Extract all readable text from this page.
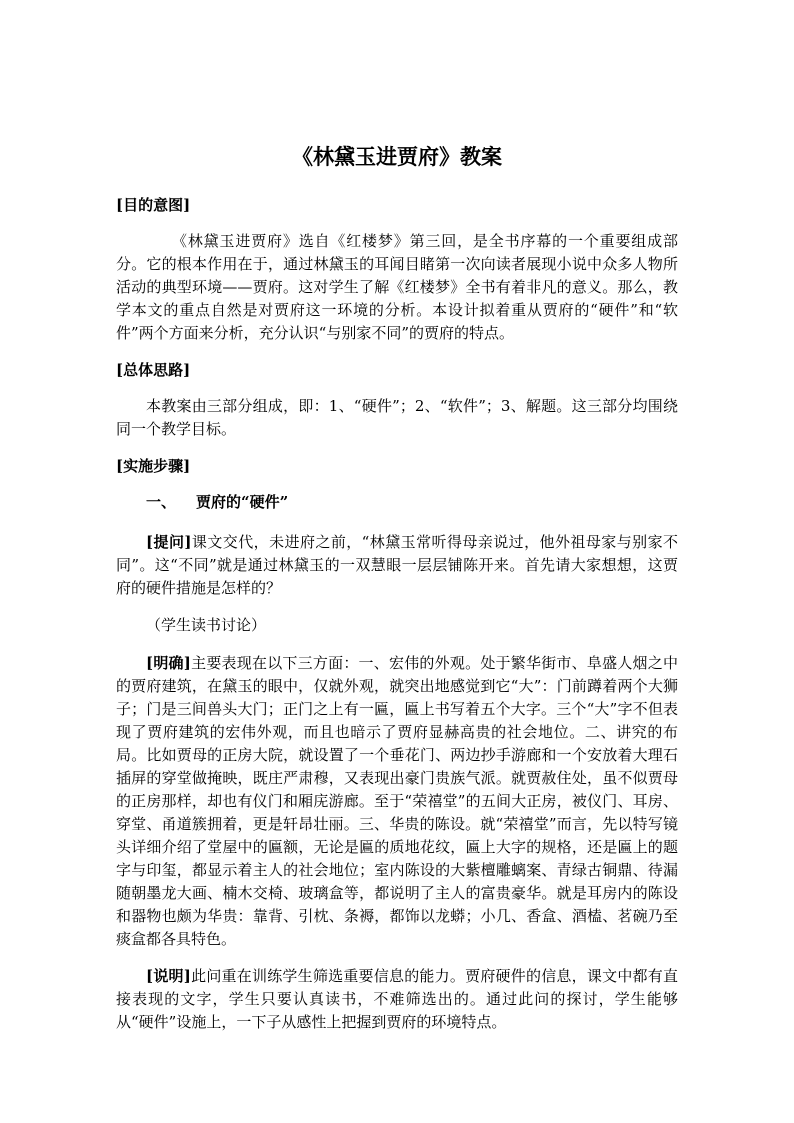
《林黛玉进贾府》教案
[目的意图]

《林黛玉进贾府》选自《红楼梦》第三回，是全书序幕的一个重要组成部分。它的根本作用在于，通过林黛玉的耳闻目睹第一次向读者展现小说中众多人物所活动的典型环境——贾府。这对学生了解《红楼梦》全书有着非凡的意义。那么，教学本文的重点自然是对贾府这一环境的分析。本设计拟着重从贾府的“硬件”和“软件”两个方面来分析，充分认识“与别家不同”的贾府的特点。

[总体思路]

本教案由三部分组成，即：1、“硬件”；2、“软件”；3、解题。这三部分均围绕同一个教学目标。

[实施步骤]
一、 贾府的“硬件”

[提问]课文交代，未进府之前，“林黛玉常听得母亲说过，他外祖母家与别家不同”。这“不同”就是通过林黛玉的一双慧眼一层层铺陈开来。首先请大家想想，这贾府的硬件措施是怎样的？

（学生读书讨论）

[明确]主要表现在以下三方面：一、宏伟的外观。处于繁华街市、阜盛人烟之中的贾府建筑，在黛玉的眼中，仅就外观，就突出地感觉到它“大”：门前蹲着两个大狮子；门是三间兽头大门；正门之上有一匾，匾上书写着五个大字。三个“大”字不但表现了贾府建筑的宏伟外观，而且也暗示了贾府显赫高贵的社会地位。二、讲究的布局。比如贾母的正房大院，就设置了一个垂花门、两边抄手游廊和一个安放着大理石插屏的穿堂做掩映，既庄严肃穆，又表现出豪门贵族气派。就贾赦住处，虽不似贾母的正房那样，却也有仪门和厢庑游廊。至于“荣禧堂”的五间大正房，被仪门、耳房、穿堂、甬道簇拥着，更是轩昂壮丽。三、华贵的陈设。就“荣禧堂”而言，先以特写镜头详细介绍了堂屋中的匾额，无论是匾的质地花纹，匾上大字的规格，还是匾上的题字与印玺，都显示着主人的社会地位；室内陈设的大紫檀雕螭案、青绿古铜鼎、待漏随朝墨龙大画、楠木交椅、玻璃盒等，都说明了主人的富贵豪华。就是耳房内的陈设和器物也颇为华贵：靠背、引枕、条褥，都饰以龙蟒；小几、香盒、酒榼、茗碗乃至痰盒都各具特色。

[说明]此问重在训练学生筛选重要信息的能力。贾府硬件的信息，课文中都有直接表现的文字，学生只要认真读书，不难筛选出的。通过此问的探讨，学生能够从“硬件”设施上，一下子从感性上把握到贾府的环境特点。
